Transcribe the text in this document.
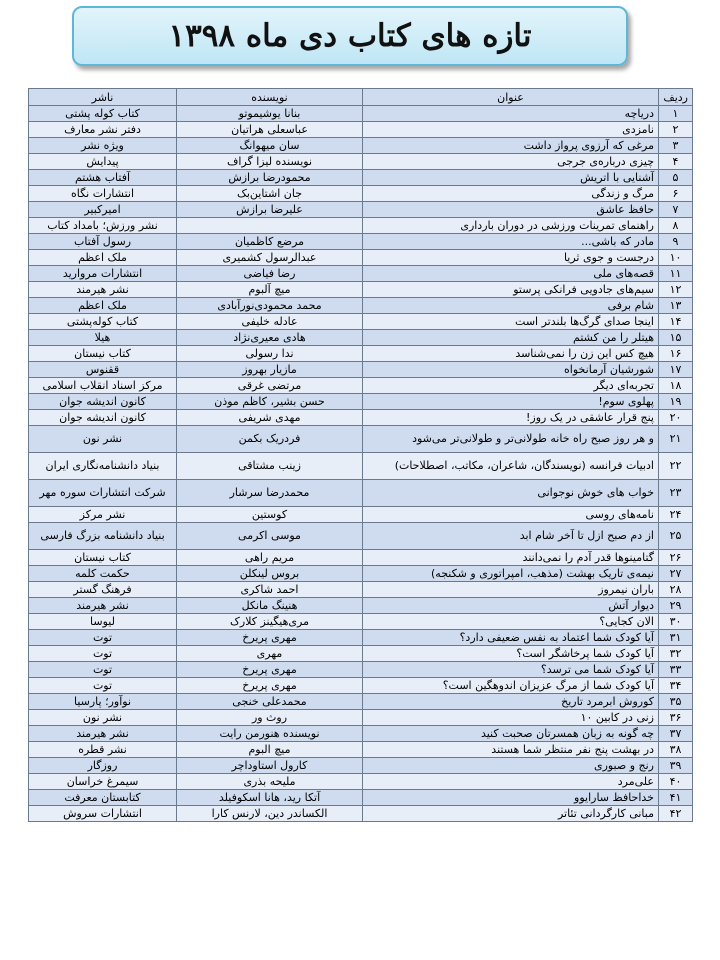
تازه های کتاب دی ماه ۱۳۹۸
ردیف	عنوان	نویسنده	ناشر
۱	دریاچه	بنانا یوشیموتو	کتاب کوله پشتی
۲	نامزدی	عباسعلی هراتیان	دفتر نشر معارف
۳	مرغی که آرزوی پرواز داشت	سان میهوانگ	ویژه نشر
۴	چیزی درباره‌ی جرجی	نویسنده لیزا گراف	پیدایش
۵	آشنایی با اتریش	محمودرضا برازش	آفتاب هشتم
۶	مرگ و زندگی	جان اشتاین‌بک	انتشارات نگاه
۷	حافظ عاشق	علیرضا برازش	امیرکبیر
۸	راهنمای تمرینات ورزشی در دوران بارداری		نشر ورزش؛ بامداد کتاب
۹	مادر که باشی...	مرضع کاظمیان	رسول آفتاب
۱۰	درجست و جوی ثریا	عبدالرسول کشمیری	ملک اعظم
۱۱	قصه‌های ملی	رضا فیاضی	انتشارات مروارید
۱۲	سیم‌های جادویی فرانکی پرستو	میچ آلبوم	نشر هیرمند
۱۳	شام برفی	محمد محمودی‌نورآبادی	ملک اعظم
۱۴	اینجا صدای گرگ‌ها بلندتر است	عادله خلیفی	کتاب کوله‌پشتی
۱۵	هیتلر را من کشتم	هادی معیری‌نژاد	هیلا
۱۶	هیچ کس این زن را نمی‌شناسد	ندا رسولی	کتاب نیستان
۱۷	شورشیان آرمانخواه	مازیار بهروز	ققنوس
۱۸	تجربه‌ای دیگر	مرتضی غرقی	مرکز اسناد انقلاب اسلامی
۱۹	پهلوی سوم!	حسن بشیر، کاظم موذن	کانون اندیشه جوان
۲۰	پنج قرار عاشقی در یک روز!	مهدی شریفی	کانون اندیشه جوان
۲۱	و هر روز صبح راه خانه طولانی‌تر و طولانی‌تر می‌شود	فردریک بکمن	نشر نون
۲۲	ادبیات فرانسه (نویسندگان، شاعران، مکاتب، اصطلاحات)	زینب مشتاقی	بنیاد دانشنامه‌نگاری ایران
۲۳	خواب های خوش نوجوانی	محمدرضا سرشار	شرکت انتشارات سوره مهر
۲۴	نامه‌های روسی	کوستین	نشر مرکز
۲۵	از دم صبح ازل تا آخر شام ابد	موسی اکرمی	بنیاد دانشنامه بزرگ فارسی
۲۶	گتامینوها قدر آدم را نمی‌دانند	مریم راهی	کتاب نیستان
۲۷	نیمه‌ی تاریک بهشت (مذهب، امپراتوری و شکنجه)	بروس لینکلن	حکمت کلمه
۲۸	باران نیمروز	احمد شاکری	فرهنگ گستر
۲۹	دیوار آتش	هنینگ مانکل	نشر هیرمند
۳۰	الان کجایی؟	مری‌هیگینز کلارک	لیوسا
۳۱	آیا کودک شما اعتماد به نفس ضعیفی دارد؟	مهری پریرخ	توت
۳۲	آیا کودک شما پرخاشگر است؟	مهری	توت
۳۳	آیا کودک شما می ترسد؟	مهری پریرخ	توت
۳۴	آیا کودک شما از مرگ عزیزان اندوهگین است؟	مهری پریرخ	توت
۳۵	کوروش ابرمرد تاریخ	محمدعلی خنجی	نوآور؛ پارسیا
۳۶	زنی در کابین ۱۰	روث ور	نشر نون
۳۷	چه گونه به زبان همسرتان صحبت کنید	نویسنده هنورمن رایت	نشر هیرمند
۳۸	در بهشت پنج نفر منتظر شما هستند	میچ البوم	نشر قطره
۳۹	رنج و صبوری	کارول استاوداچر	روزگار
۴۰	علی‌مرد	ملیحه بذری	سیمرغ خراسان
۴۱	خداحافظ سارایوو	آتکا رید، هانا اسکوفیلد	کتابستان معرفت
۴۲	مبانی کارگردانی تئاتر	الکساندر دین، لارنس کارا	انتشارات سروش
